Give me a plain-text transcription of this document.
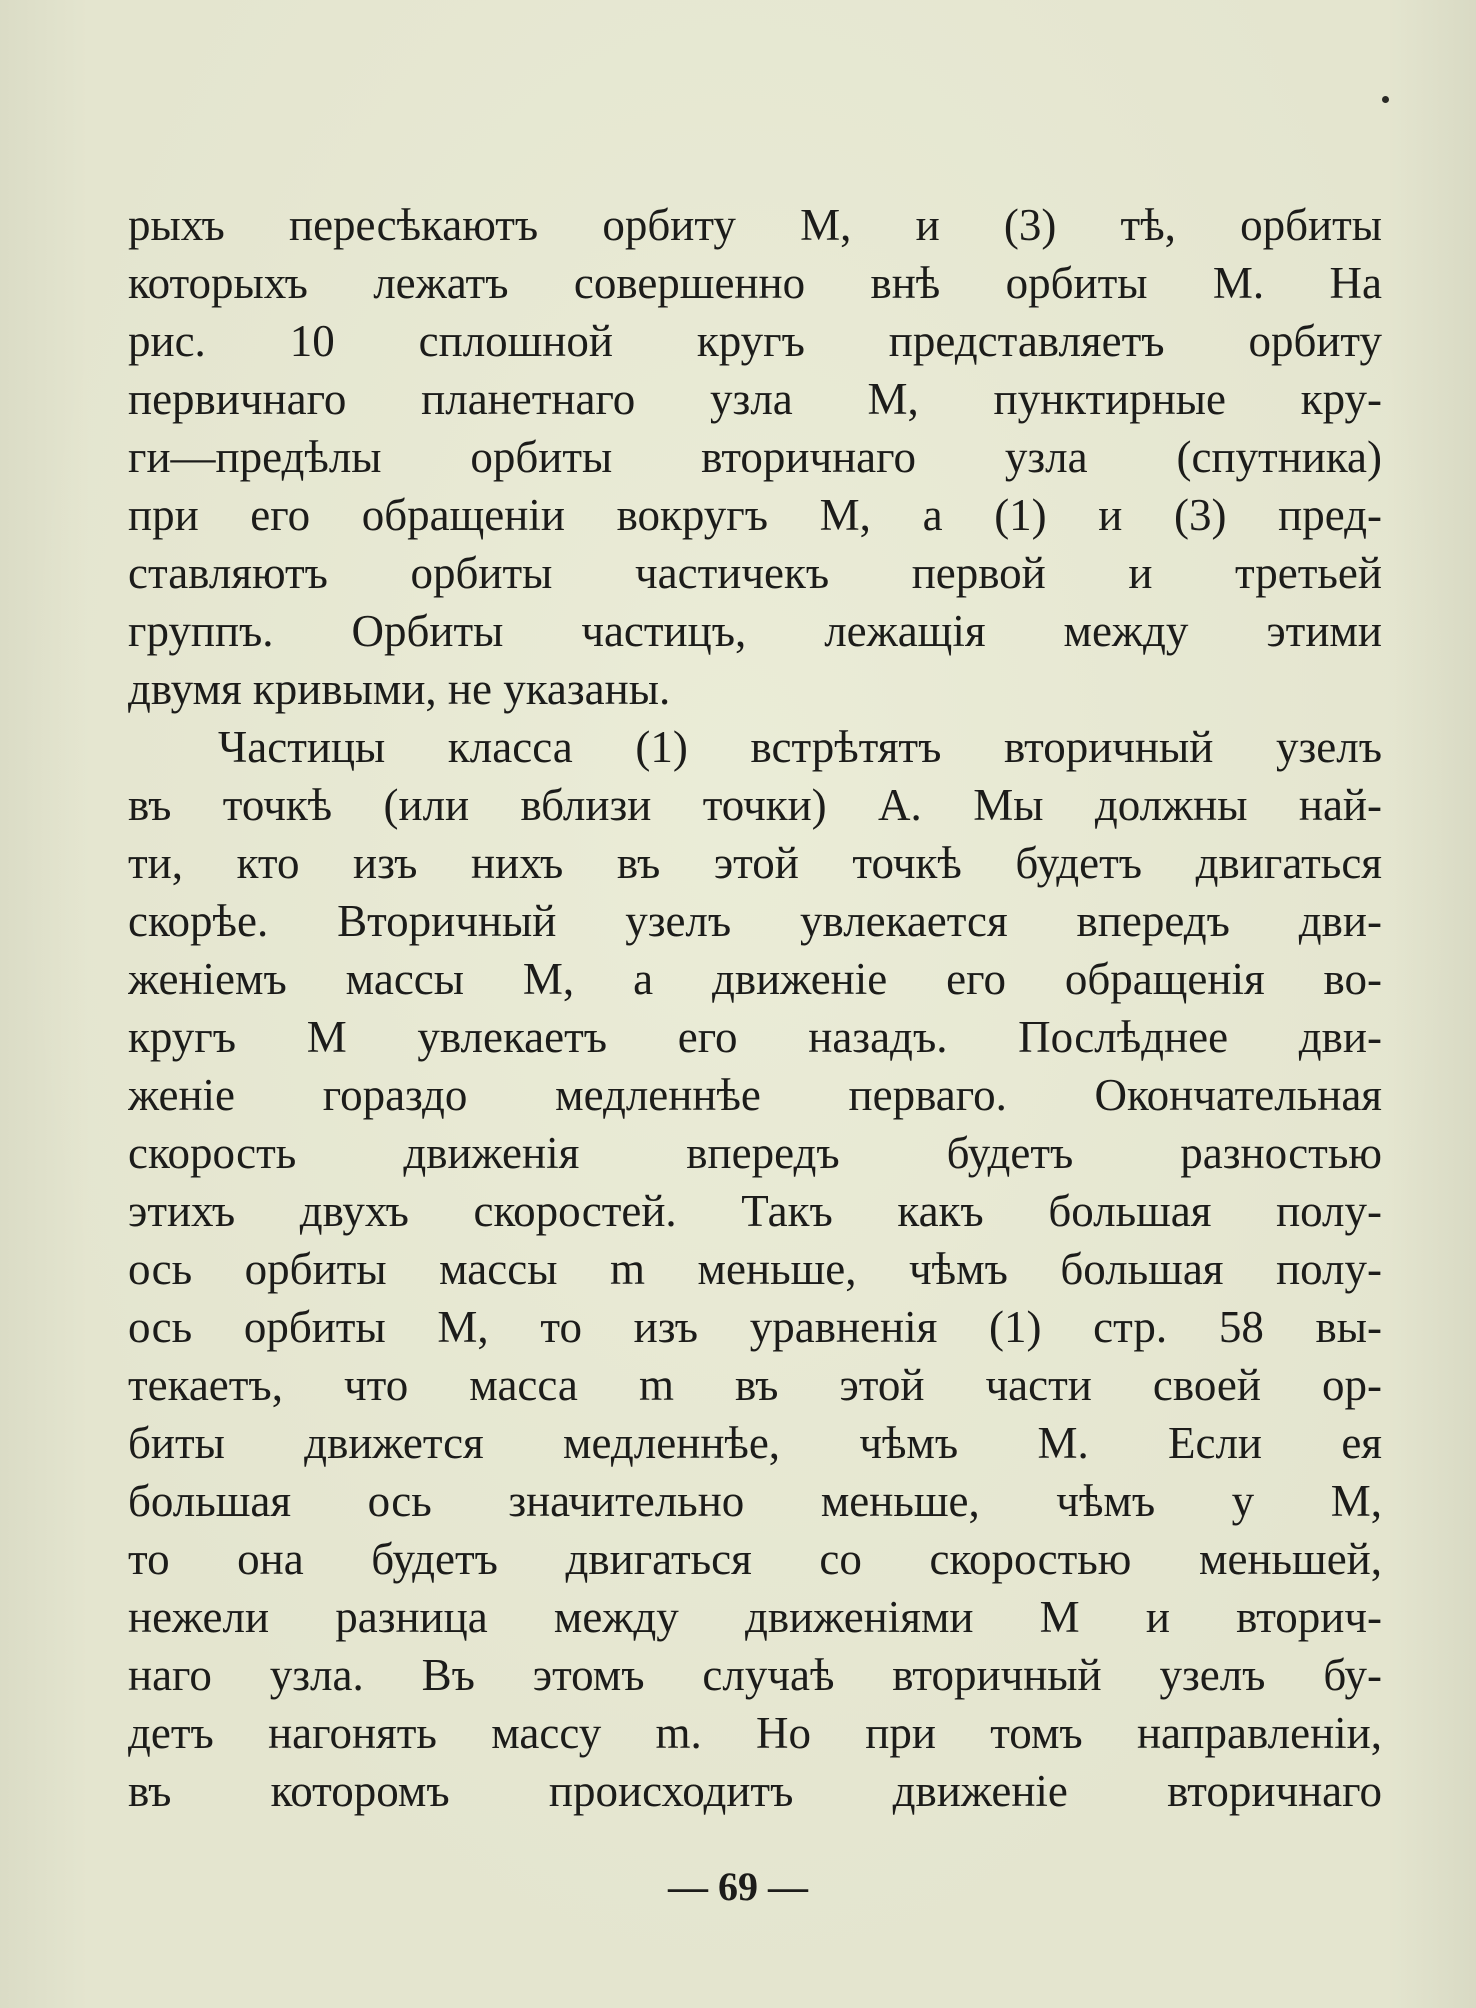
рыхъ пересѣкаютъ орбиту М, и (3) тѣ, орбиты
которыхъ лежатъ совершенно внѣ орбиты М. На
рис. 10 сплошной кругъ представляетъ орбиту
первичнаго планетнаго узла М, пунктирные кру-
ги—предѣлы орбиты вторичнаго узла (спутника)
при его обращеніи вокругъ М, а (1) и (3) пред-
ставляютъ орбиты частичекъ первой и третьей
группъ. Орбиты частицъ, лежащія между этими
двумя кривыми, не указаны.
Частицы класса (1) встрѣтятъ вторичный узелъ
въ точкѣ (или вблизи точки) А. Мы должны най-
ти, кто изъ нихъ въ этой точкѣ будетъ двигаться
скорѣе. Вторичный узелъ увлекается впередъ дви-
женіемъ массы М, а движеніе его обращенія во-
кругъ М увлекаетъ его назадъ. Послѣднее дви-
женіе гораздо медленнѣе перваго. Окончательная
скорость движенія впередъ будетъ разностью
этихъ двухъ скоростей. Такъ какъ большая полу-
ось орбиты массы m меньше, чѣмъ большая полу-
ось орбиты М, то изъ уравненія (1) стр. 58 вы-
текаетъ, что масса m въ этой части своей ор-
биты движется медленнѣе, чѣмъ М. Если ея
большая ось значительно меньше, чѣмъ у М,
то она будетъ двигаться со скоростью меньшей,
нежели разница между движеніями М и вторич-
наго узла. Въ этомъ случаѣ вторичный узелъ бу-
детъ нагонять массу m. Но при томъ направленіи,
въ которомъ происходитъ движеніе вторичнаго
— 69 —
